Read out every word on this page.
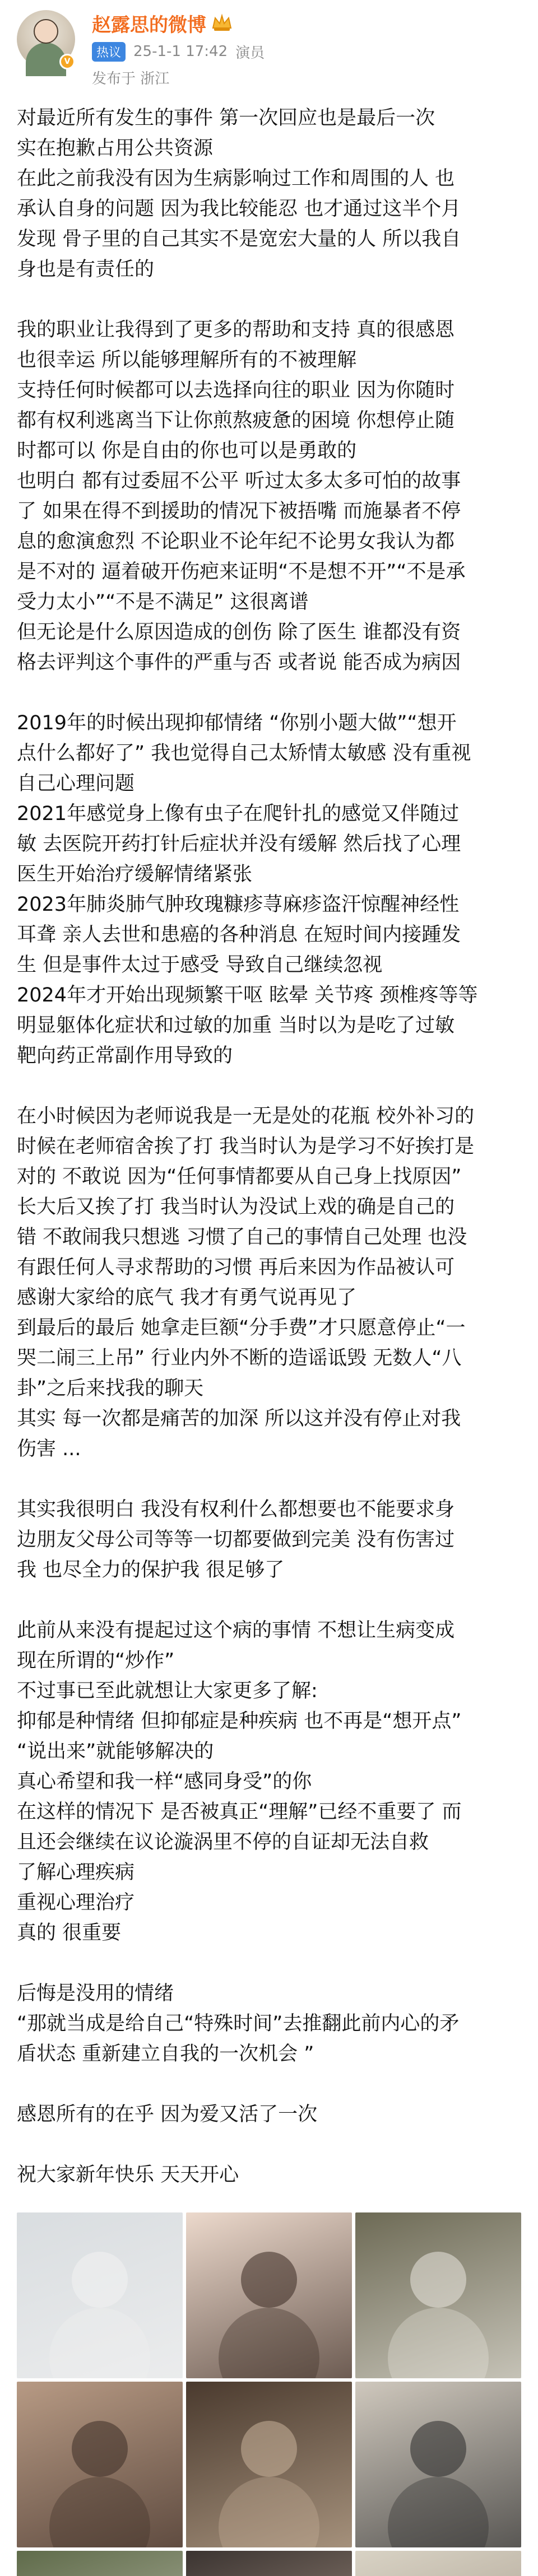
V
赵露思的微博
热议 25-1-1 17:42 演员
发布于 浙江
对最近所有发生的事件 第一次回应也是最后一次
实在抱歉占用公共资源
在此之前我没有因为生病影响过工作和周围的人 也
承认自身的问题 因为我比较能忍 也才通过这半个月
发现 骨子里的自己其实不是宽宏大量的人 所以我自
身也是有责任的
我的职业让我得到了更多的帮助和支持 真的很感恩
也很幸运 所以能够理解所有的不被理解
支持任何时候都可以去选择向往的职业 因为你随时
都有权利逃离当下让你煎熬疲惫的困境 你想停止随
时都可以 你是自由的你也可以是勇敢的
也明白 都有过委屈不公平 听过太多太多可怕的故事
了 如果在得不到援助的情况下被捂嘴 而施暴者不停
息的愈演愈烈 不论职业不论年纪不论男女我认为都
是不对的 逼着破开伤疤来证明“不是想不开”“不是承
受力太小”“不是不满足” 这很离谱
但无论是什么原因造成的创伤 除了医生 谁都没有资
格去评判这个事件的严重与否 或者说 能否成为病因
2019年的时候出现抑郁情绪 “你别小题大做”“想开
点什么都好了” 我也觉得自己太矫情太敏感 没有重视
自己心理问题
2021年感觉身上像有虫子在爬针扎的感觉又伴随过
敏 去医院开药打针后症状并没有缓解 然后找了心理
医生开始治疗缓解情绪紧张
2023年肺炎肺气肿玫瑰糠疹荨麻疹盗汗惊醒神经性
耳聋 亲人去世和患癌的各种消息 在短时间内接踵发
生 但是事件太过于感受 导致自己继续忽视
2024年才开始出现频繁干呕 眩晕 关节疼 颈椎疼等等
明显躯体化症状和过敏的加重 当时以为是吃了过敏
靶向药正常副作用导致的
在小时候因为老师说我是一无是处的花瓶 校外补习的
时候在老师宿舍挨了打 我当时认为是学习不好挨打是
对的 不敢说 因为“任何事情都要从自己身上找原因”
长大后又挨了打 我当时认为没试上戏的确是自己的
错 不敢闹我只想逃 习惯了自己的事情自己处理 也没
有跟任何人寻求帮助的习惯 再后来因为作品被认可
感谢大家给的底气 我才有勇气说再见了
到最后的最后 她拿走巨额“分手费”才只愿意停止“一
哭二闹三上吊” 行业内外不断的造谣诋毁 无数人“八
卦”之后来找我的聊天
其实 每一次都是痛苦的加深 所以这并没有停止对我
伤害 ...
其实我很明白 我没有权利什么都想要也不能要求身
边朋友父母公司等等一切都要做到完美 没有伤害过
我 也尽全力的保护我 很足够了
此前从来没有提起过这个病的事情 不想让生病变成
现在所谓的“炒作”
不过事已至此就想让大家更多了解:
抑郁是种情绪 但抑郁症是种疾病 也不再是“想开点”
“说出来”就能够解决的
真心希望和我一样“感同身受”的你
在这样的情况下 是否被真正“理解”已经不重要了 而
且还会继续在议论漩涡里不停的自证却无法自救
了解心理疾病
重视心理治疗
真的 很重要
后悔是没用的情绪
“那就当成是给自己“特殊时间”去推翻此前内心的矛
盾状态 重新建立自我的一次机会 ”
感恩所有的在乎 因为爱又活了一次
祝大家新年快乐 天天开心
